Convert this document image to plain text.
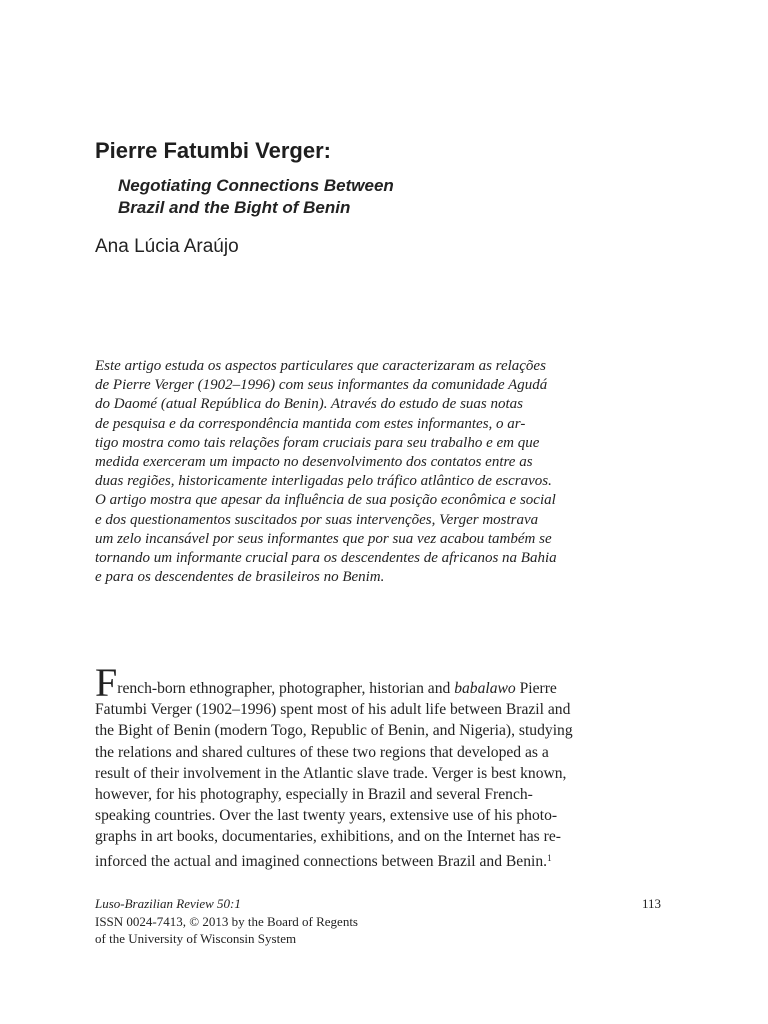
Pierre Fatumbi Verger:
Negotiating Connections Between
Brazil and the Bight of Benin

Ana Lúcia Araújo

Este artigo estuda os aspectos particulares que caracterizaram as relações
de Pierre Verger (1902–1996) com seus informantes da comunidade Agudá
do Daomé (atual República do Benin). Através do estudo de suas notas
de pesquisa e da correspondência mantida com estes informantes, o ar-
tigo mostra como tais relações foram cruciais para seu trabalho e em que
medida exerceram um impacto no desenvolvimento dos contatos entre as
duas regiões, historicamente interligadas pelo tráfico atlântico de escravos.
O artigo mostra que apesar da influência de sua posição econômica e social
e dos questionamentos suscitados por suas intervenções, Verger mostrava
um zelo incansável por seus informantes que por sua vez acabou também se
tornando um informante crucial para os descendentes de africanos na Bahia
e para os descendentes de brasileiros no Benim.
French-born ethnographer, photographer, historian and babalawo Pierre
Fatumbi Verger (1902–1996) spent most of his adult life between Brazil and
the Bight of Benin (modern Togo, Republic of Benin, and Nigeria), studying
the relations and shared cultures of these two regions that developed as a
result of their involvement in the Atlantic slave trade. Verger is best known,
however, for his photography, especially in Brazil and several French-
speaking countries. Over the last twenty years, extensive use of his photo-
graphs in art books, documentaries, exhibitions, and on the Internet has re-
inforced the actual and imagined connections between Brazil and Benin.$^1$
Luso-Brazilian Review 50:1	113
ISSN 0024-7413, © 2013 by the Board of Regents
of the University of Wisconsin System
